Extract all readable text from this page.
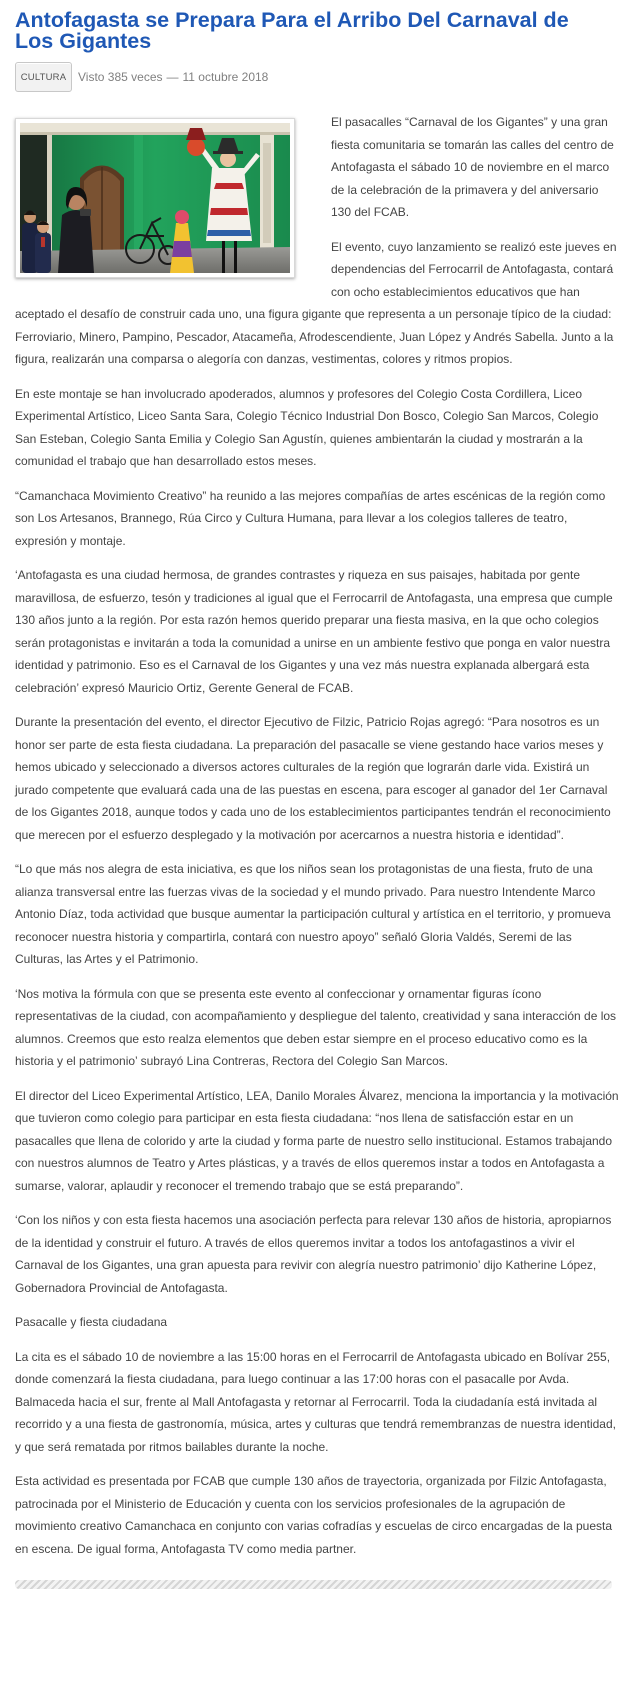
Antofagasta se Prepara Para el Arribo Del Carnaval de Los Gigantes
CULTURA Visto 385 veces — 11 octubre 2018

El pasacalles “Carnaval de los Gigantes” y una gran fiesta comunitaria se tomarán las calles del centro de Antofagasta el sábado 10 de noviembre en el marco de la celebración de la primavera y del aniversario 130 del FCAB.

El evento, cuyo lanzamiento se realizó este jueves en dependencias del Ferrocarril de Antofagasta, contará con ocho establecimientos educativos que han aceptado el desafío de construir cada uno, una figura gigante que representa a un personaje típico de la ciudad: Ferroviario, Minero, Pampino, Pescador, Atacameña, Afrodescendiente, Juan López y Andrés Sabella. Junto a la figura, realizarán una comparsa o alegoría con danzas, vestimentas, colores y ritmos propios.

En este montaje se han involucrado apoderados, alumnos y profesores del Colegio Costa Cordillera, Liceo Experimental Artístico, Liceo Santa Sara, Colegio Técnico Industrial Don Bosco, Colegio San Marcos, Colegio San Esteban, Colegio Santa Emilia y Colegio San Agustín, quienes ambientarán la ciudad y mostrarán a la comunidad el trabajo que han desarrollado estos meses.

“Camanchaca Movimiento Creativo” ha reunido a las mejores compañías de artes escénicas de la región como son Los Artesanos, Brannego, Rúa Circo y Cultura Humana, para llevar a los colegios talleres de teatro, expresión y montaje.

‘Antofagasta es una ciudad hermosa, de grandes contrastes y riqueza en sus paisajes, habitada por gente maravillosa, de esfuerzo, tesón y tradiciones al igual que el Ferrocarril de Antofagasta, una empresa que cumple 130 años junto a la región. Por esta razón hemos querido preparar una fiesta masiva, en la que ocho colegios serán protagonistas e invitarán a toda la comunidad a unirse en un ambiente festivo que ponga en valor nuestra identidad y patrimonio. Eso es el Carnaval de los Gigantes y una vez más nuestra explanada albergará esta celebración’ expresó Mauricio Ortiz, Gerente General de FCAB.

Durante la presentación del evento, el director Ejecutivo de Filzic, Patricio Rojas agregó: “Para nosotros es un honor ser parte de esta fiesta ciudadana. La preparación del pasacalle se viene gestando hace varios meses y hemos ubicado y seleccionado a diversos actores culturales de la región que lograrán darle vida. Existirá un jurado competente que evaluará cada una de las puestas en escena, para escoger al ganador del 1er Carnaval de los Gigantes 2018, aunque todos y cada uno de los establecimientos participantes tendrán el reconocimiento que merecen por el esfuerzo desplegado y la motivación por acercarnos a nuestra historia e identidad”.

“Lo que más nos alegra de esta iniciativa, es que los niños sean los protagonistas de una fiesta, fruto de una alianza transversal entre las fuerzas vivas de la sociedad y el mundo privado. Para nuestro Intendente Marco Antonio Díaz, toda actividad que busque aumentar la participación cultural y artística en el territorio, y promueva reconocer nuestra historia y compartirla, contará con nuestro apoyo” señaló Gloria Valdés, Seremi de las Culturas, las Artes y el Patrimonio.

‘Nos motiva la fórmula con que se presenta este evento al confeccionar y ornamentar figuras ícono representativas de la ciudad, con acompañamiento y despliegue del talento, creatividad y sana interacción de los alumnos. Creemos que esto realza elementos que deben estar siempre en el proceso educativo como es la historia y el patrimonio’ subrayó Lina Contreras, Rectora del Colegio San Marcos.

El director del Liceo Experimental Artístico, LEA, Danilo Morales Álvarez, menciona la importancia y la motivación que tuvieron como colegio para participar en esta fiesta ciudadana: “nos llena de satisfacción estar en un pasacalles que llena de colorido y arte la ciudad y forma parte de nuestro sello institucional. Estamos trabajando con nuestros alumnos de Teatro y Artes plásticas, y a través de ellos queremos instar a todos en Antofagasta a sumarse, valorar, aplaudir y reconocer el tremendo trabajo que se está preparando”.

‘Con los niños y con esta fiesta hacemos una asociación perfecta para relevar 130 años de historia, apropiarnos de la identidad y construir el futuro. A través de ellos queremos invitar a todos los antofagastinos a vivir el Carnaval de los Gigantes, una gran apuesta para revivir con alegría nuestro patrimonio’ dijo Katherine López, Gobernadora Provincial de Antofagasta.

Pasacalle y fiesta ciudadana

La cita es el sábado 10 de noviembre a las 15:00 horas en el Ferrocarril de Antofagasta ubicado en Bolívar 255, donde comenzará la fiesta ciudadana, para luego continuar a las 17:00 horas con el pasacalle por Avda. Balmaceda hacia el sur, frente al Mall Antofagasta y retornar al Ferrocarril. Toda la ciudadanía está invitada al recorrido y a una fiesta de gastronomía, música, artes y culturas que tendrá remembranzas de nuestra identidad, y que será rematada por ritmos bailables durante la noche.

Esta actividad es presentada por FCAB que cumple 130 años de trayectoria, organizada por Filzic Antofagasta, patrocinada por el Ministerio de Educación y cuenta con los servicios profesionales de la agrupación de movimiento creativo Camanchaca en conjunto con varias cofradías y escuelas de circo encargadas de la puesta en escena. De igual forma, Antofagasta TV como media partner.
